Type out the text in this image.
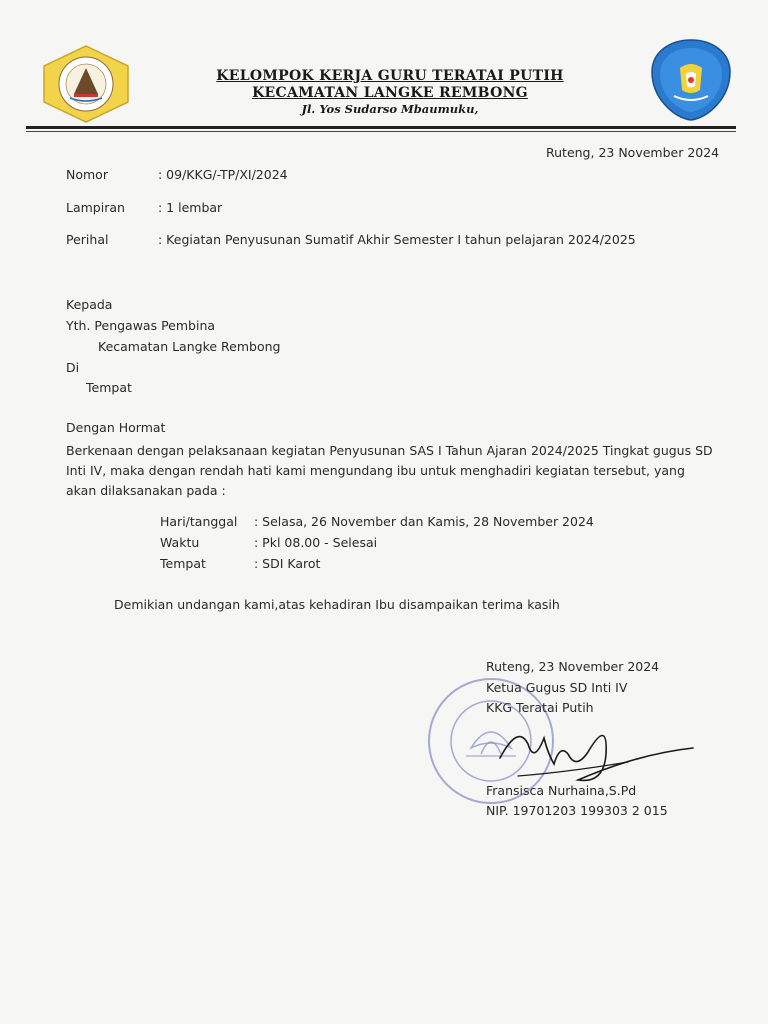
KELOMPOK KERJA GURU TERATAI PUTIH
KECAMATAN LANGKE REMBONG
Jl. Yos Sudarso Mbaumuku,
Ruteng, 23 November 2024
Nomor	: 09/KKG/-TP/XI/2024
Lampiran	: 1 lembar
Perihal	: Kegiatan Penyusunan Sumatif Akhir Semester I tahun pelajaran 2024/2025
Kepada
Yth. Pengawas Pembina
Kecamatan Langke Rembong
Di
Tempat
Dengan Hormat
Berkenaan dengan pelaksanaan kegiatan Penyusunan SAS I Tahun Ajaran 2024/2025 Tingkat gugus SD
Inti IV, maka dengan rendah hati kami mengundang ibu untuk menghadiri kegiatan tersebut, yang
akan dilaksanakan pada :
Hari/tanggal : Selasa, 26 November dan Kamis, 28 November 2024
Waktu	: Pkl 08.00 - Selesai
Tempat	: SDI Karot
Demikian undangan kami,atas kehadiran Ibu disampaikan terima kasih
Ruteng, 23 November 2024
Ketua Gugus SD Inti IV
KKG Teratai Putih
Fransisca Nurhaina,S.Pd
NIP. 19701203 199303 2 015
